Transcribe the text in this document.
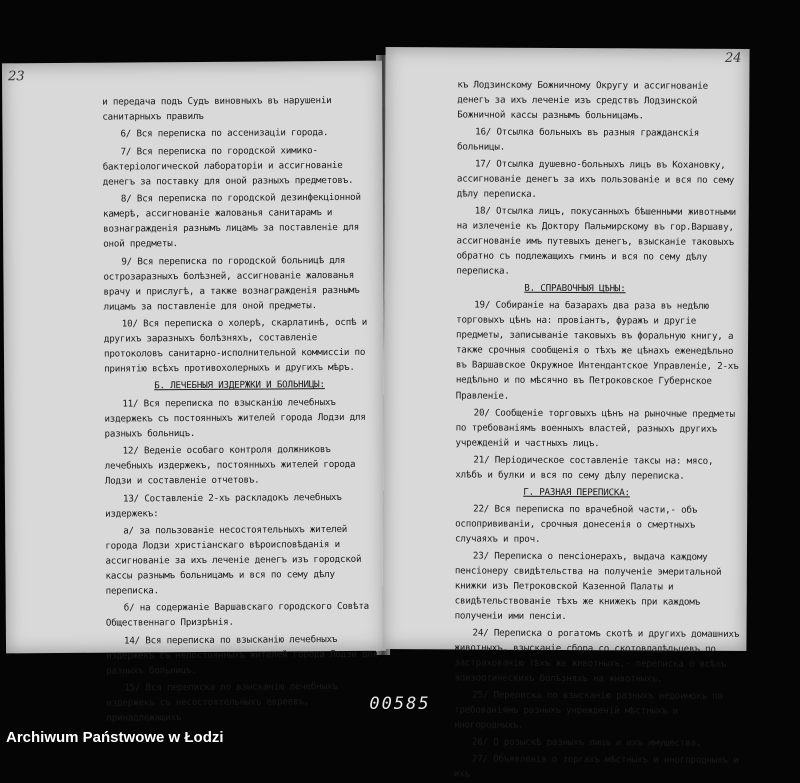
23
и передача подъ Судъ виновныхъ въ нарушеніи санитарныхъ правилъ
6/ Вся переписка по ассенизаціи города.
7/ Вся переписка по городской химико-бактеріологической лабораторіи и ассигнованіе денегъ за поставку для оной разныхъ предметовъ.
8/ Вся переписка по городской дезинфекціонной камерѣ, ассигнованіе жалованья санитарамъ и вознагражденія разнымъ лицамъ за поставленіе для оной предметы.
9/ Вся переписка по городской больницѣ для острозаразныхъ болѣзней, ассигнованіе жалованья врачу и прислугѣ, а также вознагражденія разнымъ лицамъ за поставленіе для оной предметы.
10/ Вся переписка о холерѣ, скарлатинѣ, оспѣ и другихъ заразныхъ болѣзняхъ, составленіе протоколовъ санитарно-исполнительной коммиссіи по принятію всѣхъ противохолерныхъ и другихъ мѣръ.
Б. ЛЕЧЕБНЫЯ ИЗДЕРЖКИ И БОЛЬНИЦЫ:
11/ Вся переписка по взысканію лечебныхъ издержекъ съ постоянныхъ жителей города Лодзи для разныхъ больницъ.
12/ Веденіе особаго контроля должниковъ лечебныхъ издержекъ, постоянныхъ жителей города Лодзи и составленіе отчетовъ.
13/ Составленіе 2-хъ раскладокъ лечебныхъ издержекъ:
а/ за пользованіе несостоятельныхъ жителей города Лодзи христіанскаго вѣроисповѣданія и ассигнованіе за ихъ леченіе денегъ изъ городской кассы разнымъ больницамъ и вся по сему дѣлу переписка.
б/ на содержаніе Варшавскаго городского Совѣта Общественнаго Призрѣнія.
14/ Вся переписка по взысканію лечебныхъ издержекъ съ непостоянныхъ жителей города Лодзи для разныхъ больницъ.
15/ Вся переписка по взысканію лечебныхъ издержекъ съ несостоятельныхъ евреевъ, принадлежащихъ
24
къ Лодзинскому Божничному Округу и ассигнованіе денегъ за ихъ леченіе изъ средствъ Лодзинской Божничной кассы разнымъ больницамъ.
16/ Отсылка больныхъ въ разныя гражданскія больницы.
17/ Отсылка душевно-больныхъ лицъ въ Кохановку, ассигнованіе денегъ за ихъ пользованіе и вся по сему дѣлу переписка.
18/ Отсылка лицъ, покусанныхъ бѣшенными животными на излеченіе къ Доктору Пальмирскому въ гор.Варшаву, ассигнованіе имъ путевыхъ денегъ, взысканіе таковыхъ обратно съ подлежащихъ гминъ и вся по сему дѣлу переписка.
В. СПРАВОЧНЫЯ ЦѢНЫ:
19/ Собираніе на базарахъ два раза въ недѣлю торговыхъ цѣнъ на: провіантъ, фуражъ и другіе предметы, записываніе таковыхъ въ форальную книгу, а также срочныя сообщенія о тѣхъ же цѣнахъ еженедѣльно въ Варшавское Окружное Интендантское Управленіе, 2-хъ недѣльно и по мѣсячно въ Петроковское Губернское Правленіе.
20/ Сообщеніе торговыхъ цѣнъ на рыночные предметы по требованіямъ военныхъ властей, разныхъ другихъ учрежденій и частныхъ лицъ.
21/ Періодическое составленіе таксы на: мясо, хлѣбъ и булки и вся по сему дѣлу переписка.
Г. РАЗНАЯ ПЕРЕПИСКА:
22/ Вся переписка по врачебной части,- объ оспопрививаніи, срочныя донесенія о смертныхъ случаяхъ и проч.
23/ Переписка о пенсіонерахъ, выдача каждому пенсіонеру свидѣтельства на полученіе эмеритальной книжки изъ Петроковской Казенной Палаты и свидѣтельствованіе тѣхъ же книжекъ при каждомъ полученіи ими пенсіи.
24/ Переписка о рогатомъ скотѣ и другихъ домашнихъ животныхъ, взысканіе сбора со скотовладѣльцевъ по застрахованію тѣхъ же животныхъ,- переписка о всѣхъ эпизоотическихъ болѣзняхъ на животныхъ.
25/ Переписка по взысканію разныхъ недоимокъ по требованіямъ разныхъ учрежденій мѣстныхъ и иногородныхъ.
26/ О розыскѣ разныхъ лицъ и ихъ имущества.
27/ Объявленія о торгахъ мѣстныхъ и иногородныхъ и ихъ
00585
Archiwum Państwowe w Łodzi
